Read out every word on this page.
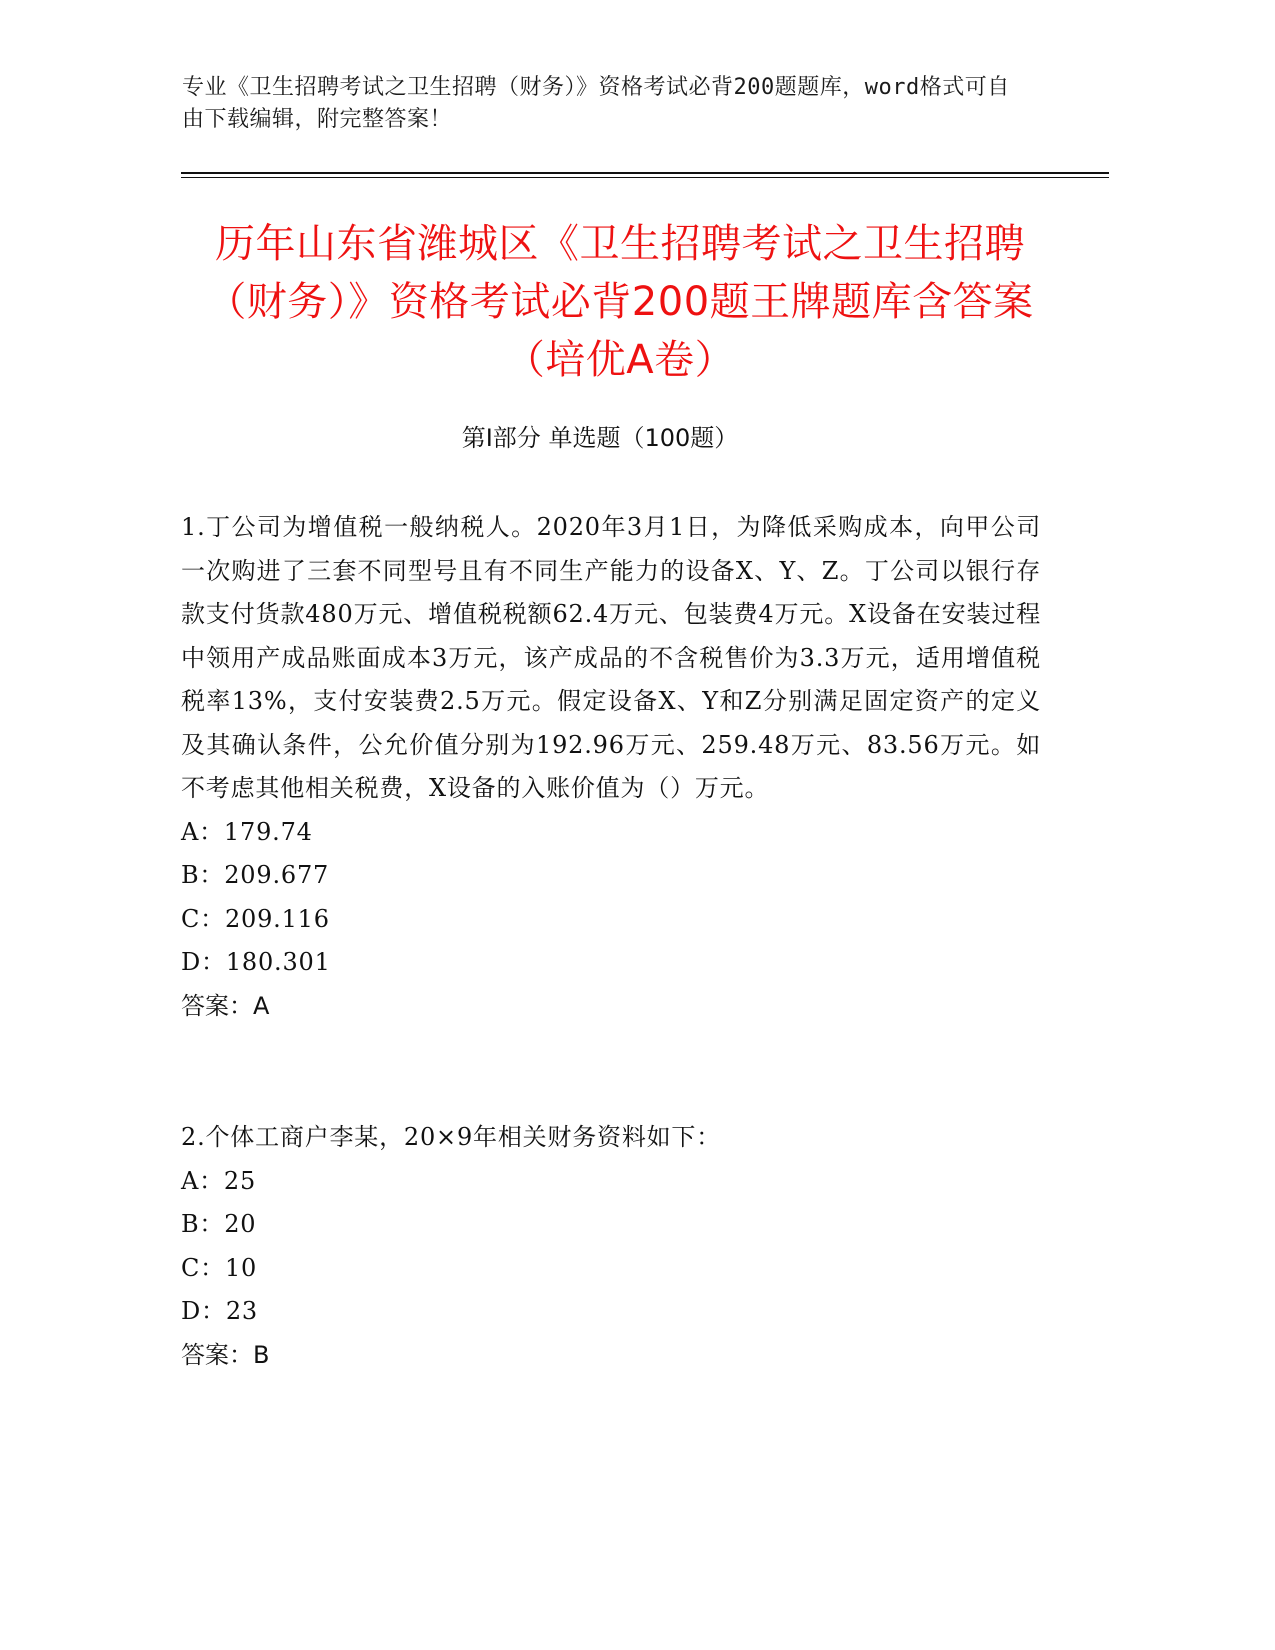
专业《卫生招聘考试之卫生招聘（财务）》资格考试必背200题题库，word格式可自由下载编辑，附完整答案！
历年山东省潍城区《卫生招聘考试之卫生招聘（财务）》资格考试必背200题王牌题库含答案（培优A卷）
第I部分 单选题（100题）

1.丁公司为增值税一般纳税人。2020年3月1日，为降低采购成本，向甲公司一次购进了三套不同型号且有不同生产能力的设备X、Y、Z。丁公司以银行存款支付货款480万元、增值税税额62.4万元、包装费4万元。X设备在安装过程中领用产成品账面成本3万元，该产成品的不含税售价为3.3万元，适用增值税税率13%，支付安装费2.5万元。假定设备X、Y和Z分别满足固定资产的定义及其确认条件，公允价值分别为192.96万元、259.48万元、83.56万元。如不考虑其他相关税费，X设备的入账价值为（）万元。

A：179.74
B：209.677
C：209.116
D：180.301
答案：A

2.个体工商户李某，20×9年相关财务资料如下：

A：25
B：20
C：10
D：23
答案：B
